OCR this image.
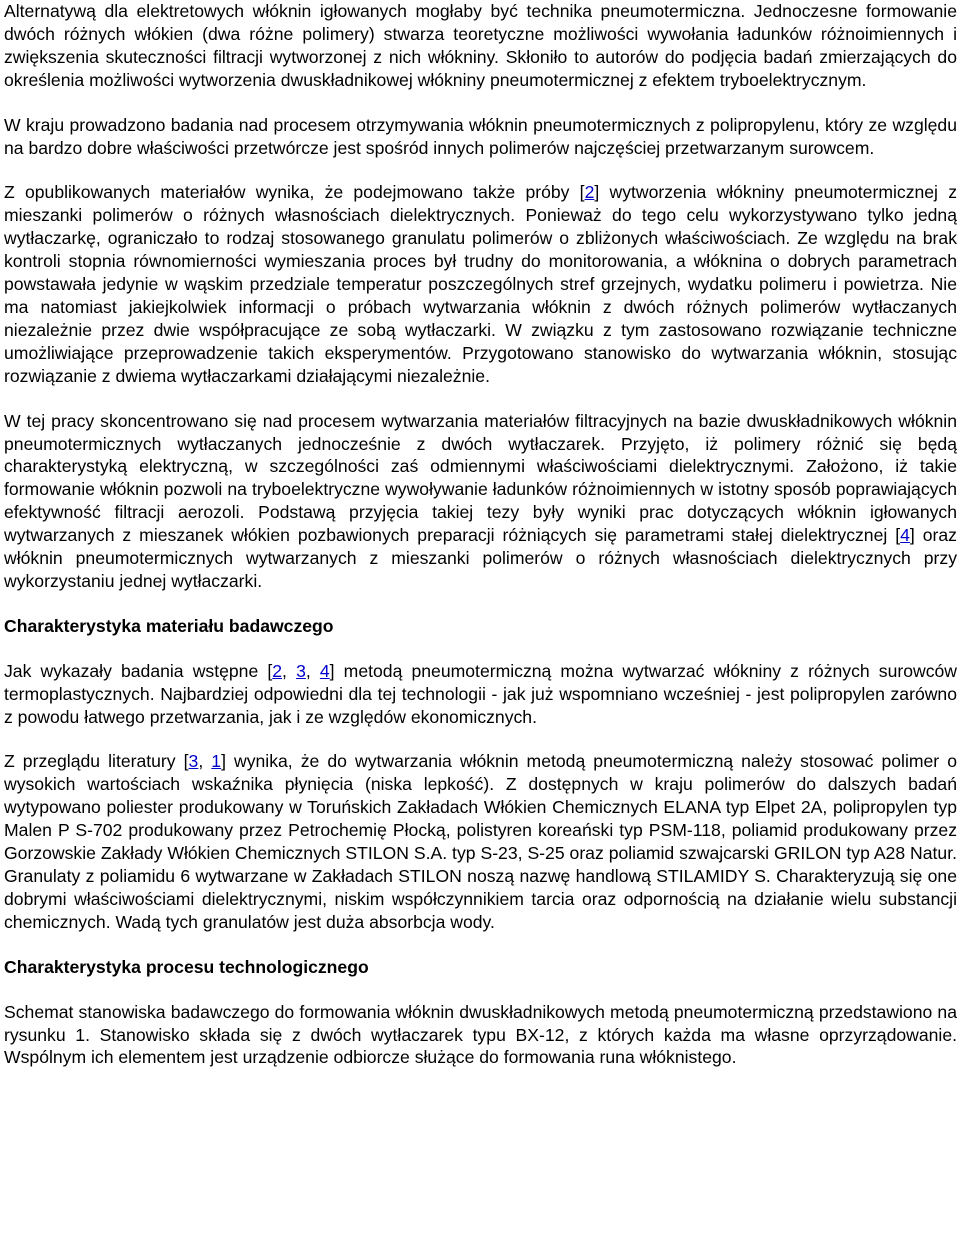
Alternatywą dla elektretowych włóknin igłowanych mogłaby być technika pneumotermiczna. Jednoczesne formowanie dwóch różnych włókien (dwa różne polimery) stwarza teoretyczne możliwości wywołania ładunków różnoimiennych i zwiększenia skuteczności filtracji wytworzonej z nich włókniny. Skłoniło to autorów do podjęcia badań zmierzających do określenia możliwości wytworzenia dwuskładnikowej włókniny pneumotermicznej z efektem tryboelektrycznym.

W kraju prowadzono badania nad procesem otrzymywania włóknin pneumotermicznych z polipropylenu, który ze względu na bardzo dobre właściwości przetwórcze jest spośród innych polimerów najczęściej przetwarzanym surowcem.

Z opublikowanych materiałów wynika, że podejmowano także próby [2] wytworzenia włókniny pneumotermicznej z mieszanki polimerów o różnych własnościach dielektrycznych. Ponieważ do tego celu wykorzystywano tylko jedną wytłaczarkę, ograniczało to rodzaj stosowanego granulatu polimerów o zbliżonych właściwościach. Ze względu na brak kontroli stopnia równomierności wymieszania proces był trudny do monitorowania, a włóknina o dobrych parametrach powstawała jedynie w wąskim przedziale temperatur poszczególnych stref grzejnych, wydatku polimeru i powietrza. Nie ma natomiast jakiejkolwiek informacji o próbach wytwarzania włóknin z dwóch różnych polimerów wytłaczanych niezależnie przez dwie współpracujące ze sobą wytłaczarki. W związku z tym zastosowano rozwiązanie techniczne umożliwiające przeprowadzenie takich eksperymentów. Przygotowano stanowisko do wytwarzania włóknin, stosując rozwiązanie z dwiema wytłaczarkami działającymi niezależnie.

W tej pracy skoncentrowano się nad procesem wytwarzania materiałów filtracyjnych na bazie dwuskładnikowych włóknin pneumotermicznych wytłaczanych jednocześnie z dwóch wytłaczarek. Przyjęto, iż polimery różnić się będą charakterystyką elektryczną, w szczególności zaś odmiennymi właściwościami dielektrycznymi. Założono, iż takie formowanie włóknin pozwoli na tryboelektryczne wywoływanie ładunków różnoimiennych w istotny sposób poprawiających efektywność filtracji aerozoli. Podstawą przyjęcia takiej tezy były wyniki prac dotyczących włóknin igłowanych wytwarzanych z mieszanek włókien pozbawionych preparacji różniących się parametrami stałej dielektrycznej [4] oraz włóknin pneumotermicznych wytwarzanych z mieszanki polimerów o różnych własnościach dielektrycznych przy wykorzystaniu jednej wytłaczarki.

Charakterystyka materiału badawczego

Jak wykazały badania wstępne [2, 3, 4] metodą pneumotermiczną można wytwarzać włókniny z różnych surowców termoplastycznych. Najbardziej odpowiedni dla tej technologii - jak już wspomniano wcześniej - jest polipropylen zarówno z powodu łatwego przetwarzania, jak i ze względów ekonomicznych.

Z przeglądu literatury [3, 1] wynika, że do wytwarzania włóknin metodą pneumotermiczną należy stosować polimer o wysokich wartościach wskaźnika płynięcia (niska lepkość). Z dostępnych w kraju polimerów do dalszych badań wytypowano poliester produkowany w Toruńskich Zakładach Włókien Chemicznych ELANA typ Elpet 2A, polipropylen typ Malen P S-702 produkowany przez Petrochemię Płocką, polistyren koreański typ PSM-118, poliamid produkowany przez Gorzowskie Zakłady Włókien Chemicznych STILON S.A. typ S-23, S-25 oraz poliamid szwajcarski GRILON typ A28 Natur. Granulaty z poliamidu 6 wytwarzane w Zakładach STILON noszą nazwę handlową STILAMIDY S. Charakteryzują się one dobrymi właściwościami dielektrycznymi, niskim współczynnikiem tarcia oraz odpornością na działanie wielu substancji chemicznych. Wadą tych granulatów jest duża absorbcja wody.

Charakterystyka procesu technologicznego

Schemat stanowiska badawczego do formowania włóknin dwuskładnikowych metodą pneumotermiczną przedstawiono na rysunku 1. Stanowisko składa się z dwóch wytłaczarek typu BX-12, z których każda ma własne oprzyrządowanie. Wspólnym ich elementem jest urządzenie odbiorcze służące do formowania runa włóknistego.
